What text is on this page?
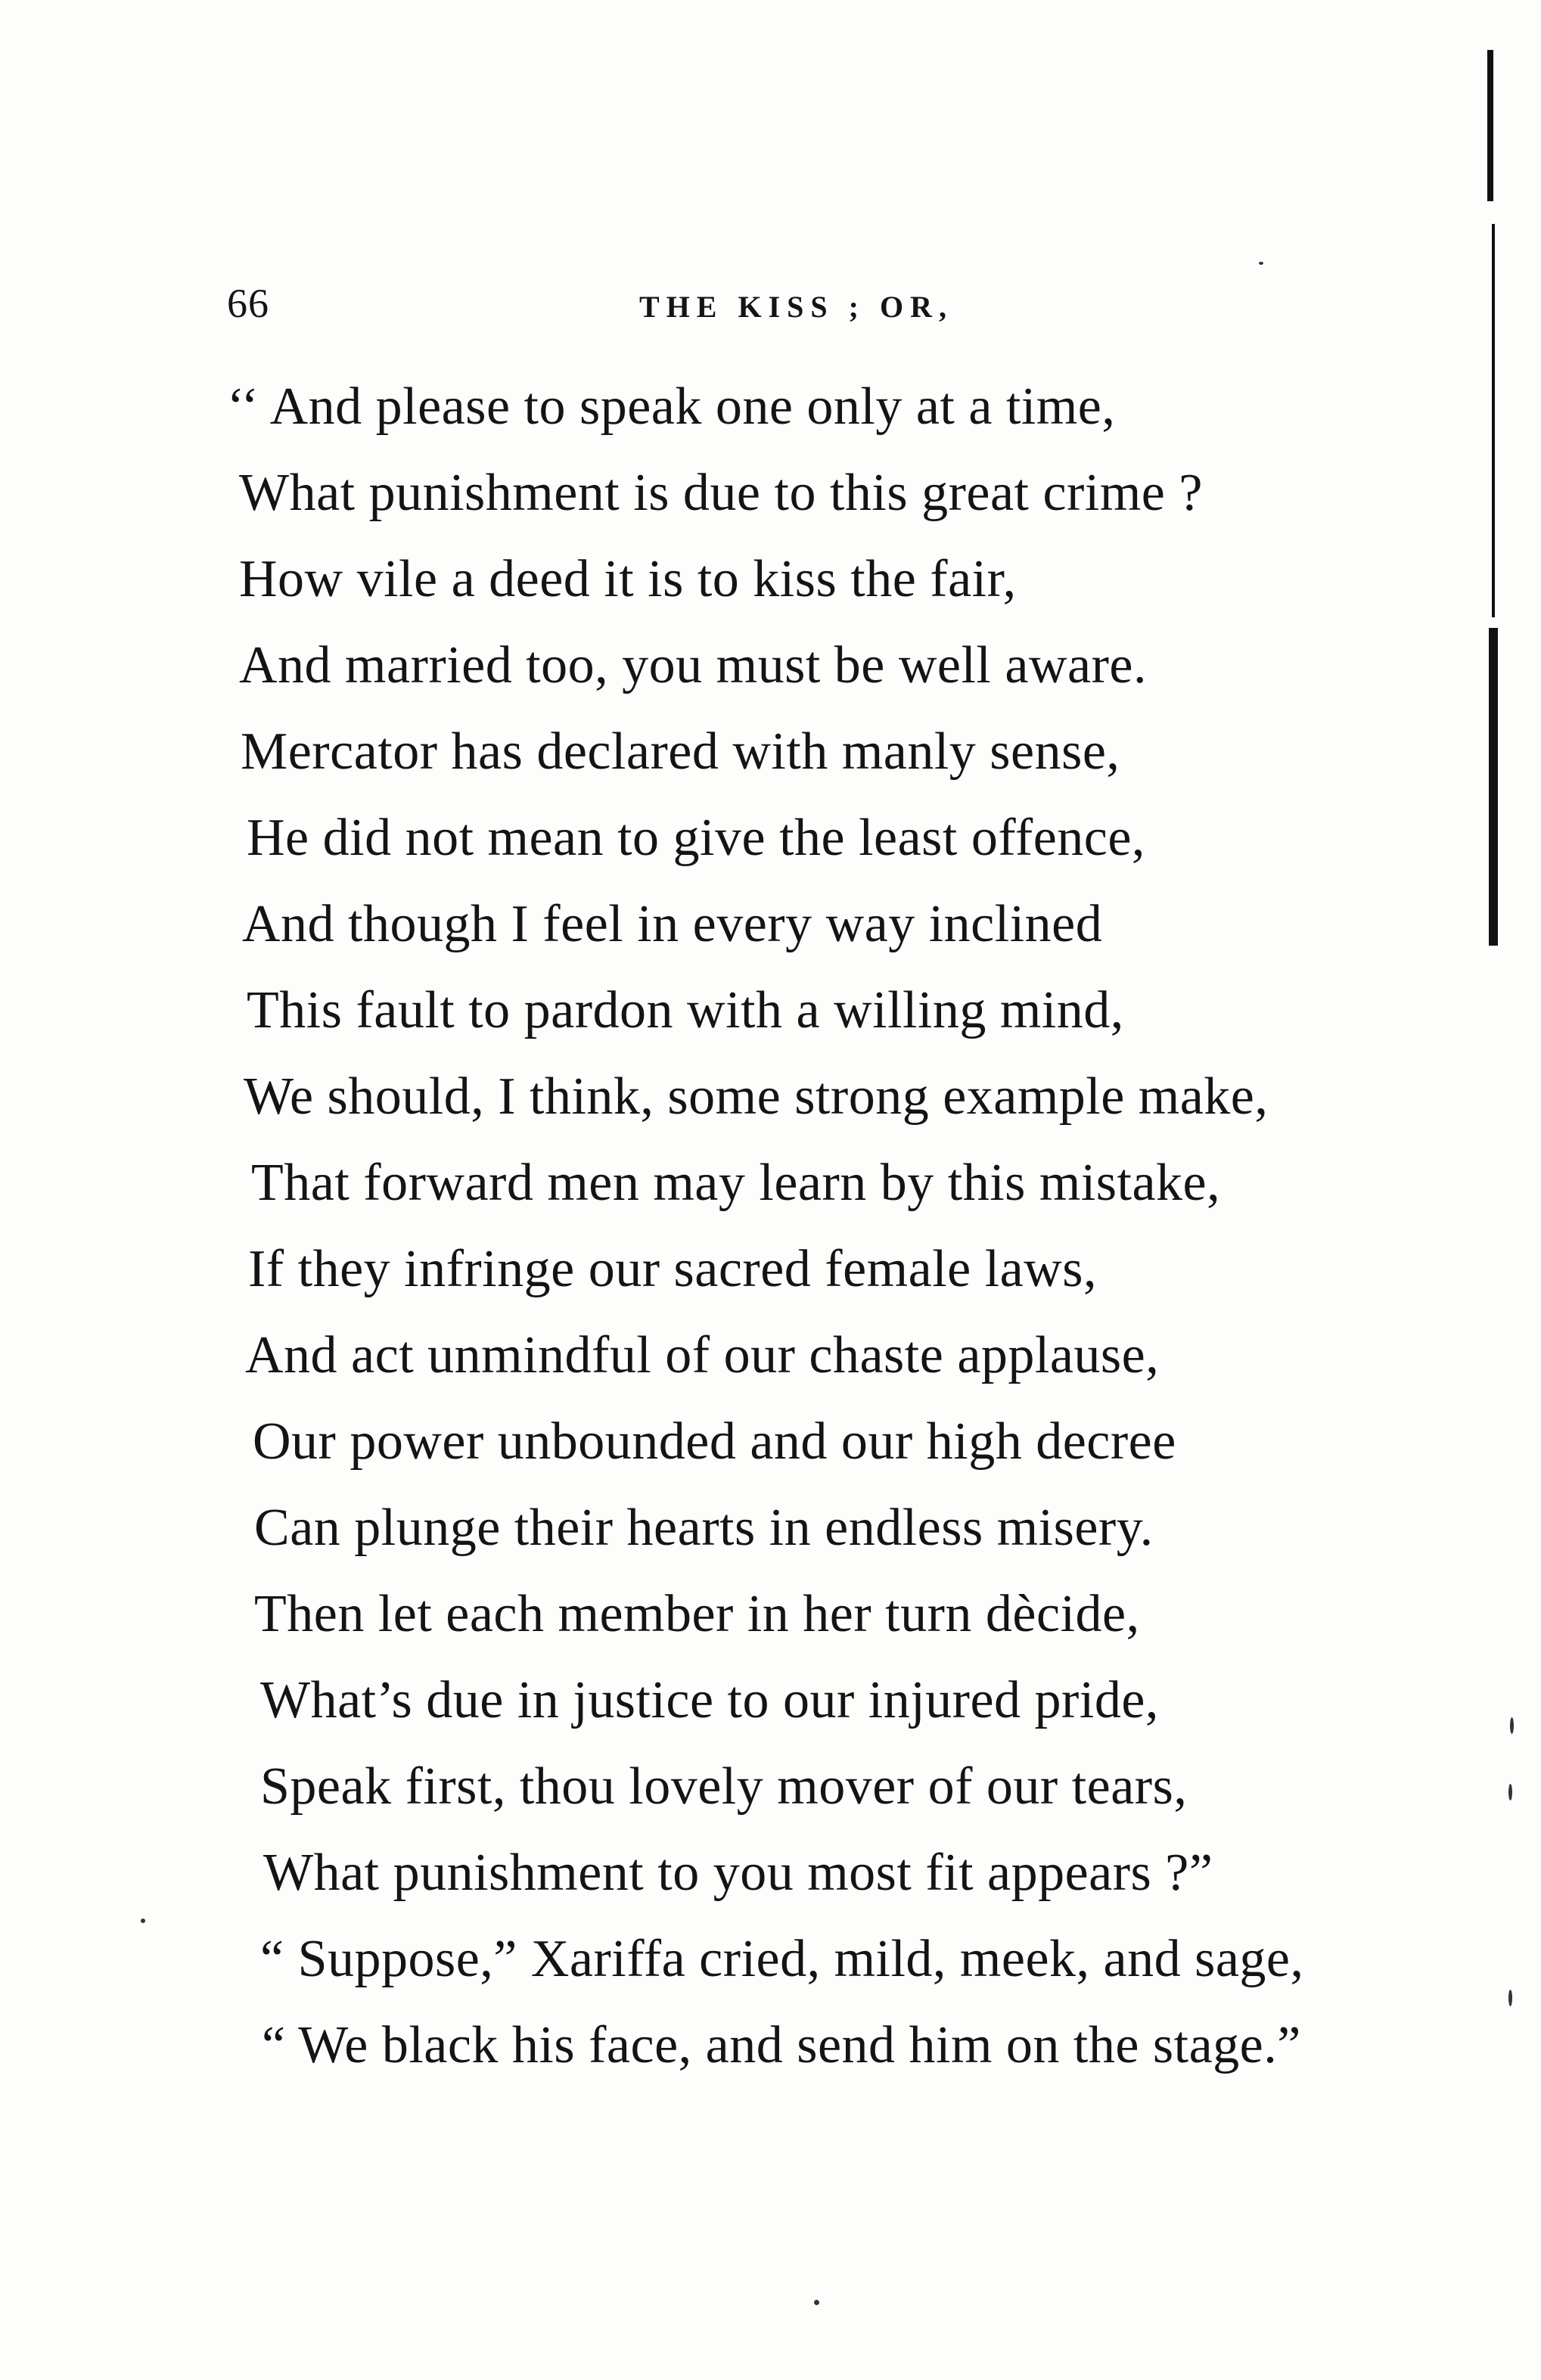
66	THE KISS ; OR,
‘‘ And please to speak one only at a time,
What punishment is due to this great crime ?
How vile a deed it is to kiss the fair,
And married too, you must be well aware.
Mercator has declared with manly sense,
He did not mean to give the least offence,
And though I feel in every way inclined
This fault to pardon with a willing mind,
We should, I think, some strong example make,
That forward men may learn by this mistake,
If they infringe our sacred female laws,
And act unmindful of our chaste applause,
Our power unbounded and our high decree
Can plunge their hearts in endless misery.
Then let each member in her turn dècide,
What’s due in justice to our injured pride,
Speak first, thou lovely mover of our tears,
What punishment to you most fit appears ?”
“ Suppose,” Xariffa cried, mild, meek, and sage,
“ We black his face, and send him on the stage.”
